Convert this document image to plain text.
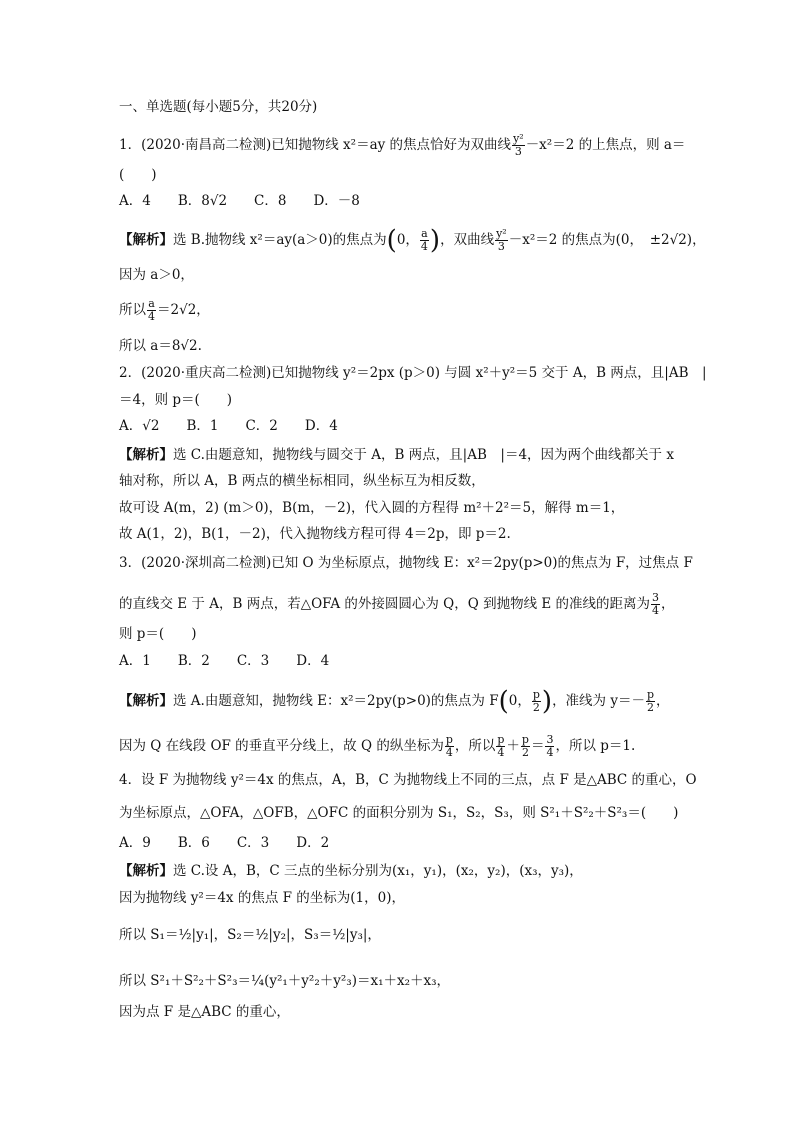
一、单选题(每小题5分，共20分)
1．(2020·南昌高二检测)已知抛物线 x²＝ay 的焦点恰好为双曲线 $\frac{\text{y²}}{3} -x^2=2$ 的上焦点，则 a＝
(　　)
A．4　　B．8√2　　C．8　　D．－8
【解析】选 B.抛物线 x²＝ay(a＞0)的焦点为(0， $\frac{a}{4}$ )，双曲线 $\frac{\text{y²}}{3} -x^2=2$ 的焦点为(0，　±2√2)，
因为 a＞0，
所以 $\frac{a}{4} =2√2$，
所以 a＝8√2.
2．(2020·重庆高二检测)已知抛物线 y²＝2px (p＞0) 与圆 x²＋y²＝5 交于 A，B 两点，且|AB　|
＝4，则 p＝(　　)
A．√2　　B．1　　C．2　　D．4
【解析】选 C.由题意知，抛物线与圆交于 A，B 两点，且|AB　|＝4，因为两个曲线都关于 x
轴对称，所以 A，B 两点的横坐标相同，纵坐标互为相反数，
故可设 A(m，2) (m＞0)，B(m，－2)，代入圆的方程得 m²＋2²＝5，解得 m＝1，
故 A(1，2)，B(1，－2)，代入抛物线方程可得 4＝2p，即 p＝2.
3．(2020·深圳高二检测)已知 O 为坐标原点，抛物线 E：x²＝2py(p>0)的焦点为 F，过焦点 F
的直线交 E 于 A，B 两点，若△OFA 的外接圆圆心为 Q，Q 到抛物线 E 的准线的距离为 $\frac{3}{4}$ ，
则 p＝(　　)
A．1　　B．2　　C．3　　D．4
【解析】选 A.由题意知，抛物线 E：x²＝2py(p>0)的焦点为 F(0， $\frac{p}{2}$ )，准线为 $y=- \frac{p}{2}$ ，
因为 Q 在线段 OF 的垂直平分线上，故 Q 的纵坐标为 $\frac{p}{4}$ ，所以 $\frac{p}{4} + \frac{p}{2} = \frac{3}{4}$ ，所以 p＝1.
4．设 F 为抛物线 y²＝4x 的焦点，A，B，C 为抛物线上不同的三点，点 F 是△ABC 的重心，O
为坐标原点，△OFA，△OFB，△OFC 的面积分别为 S₁，S₂，S₃，则 S²₁＋S²₂＋S²₃＝(　　)
A．9　　B．6　　C．3　　D．2
【解析】选 C.设 A，B，C 三点的坐标分别为(x₁，y₁)，(x₂，y₂)，(x₃，y₃)，
因为抛物线 y²＝4x 的焦点 F 的坐标为(1，0)，
所以 S₁＝½|y₁|，S₂＝½|y₂|，S₃＝½|y₃|，
所以 S²₁＋S²₂＋S²₃＝¼(y²₁＋y²₂＋y²₃)＝x₁＋x₂＋x₃，
因为点 F 是△ABC 的重心，
